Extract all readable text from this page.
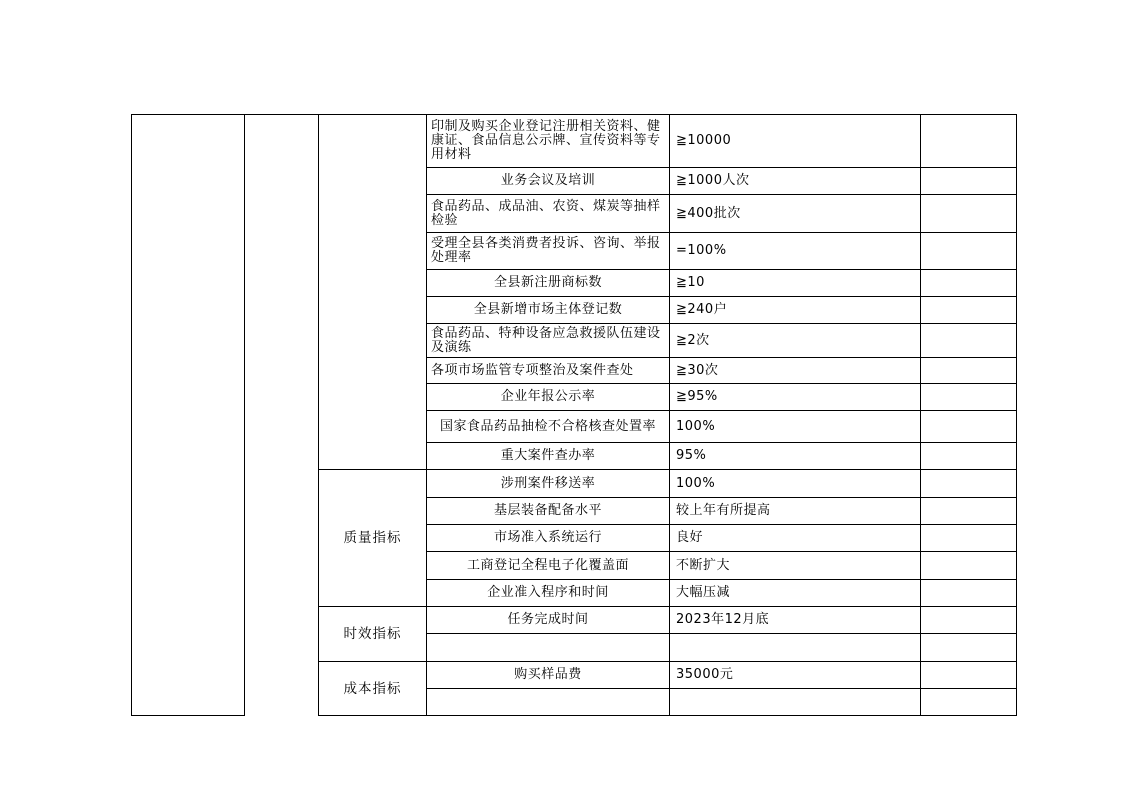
			印制及购买企业登记注册相关资料、健康证、食品信息公示牌、宣传资料等专用材料	≧10000	
			业务会议及培训	≧1000人次	
			食品药品、成品油、农资、煤炭等抽样检验	≧400批次	
			受理全县各类消费者投诉、咨询、举报处理率	=100%	
			全县新注册商标数	≧10	
			全县新增市场主体登记数	≧240户	
			食品药品、特种设备应急救援队伍建设及演练	≧2次	
			各项市场监管专项整治及案件查处	≧30次	
			企业年报公示率	≧95%	
			国家食品药品抽检不合格核查处置率	100%	
			重大案件查办率	95%	
		质量指标	涉刑案件移送率	100%	
			基层装备配备水平	较上年有所提高	
			市场准入系统运行	良好	
			工商登记全程电子化覆盖面	不断扩大	
			企业准入程序和时间	大幅压减	
		时效指标	任务完成时间	2023年12月底	

		成本指标	购买样品费	35000元	
